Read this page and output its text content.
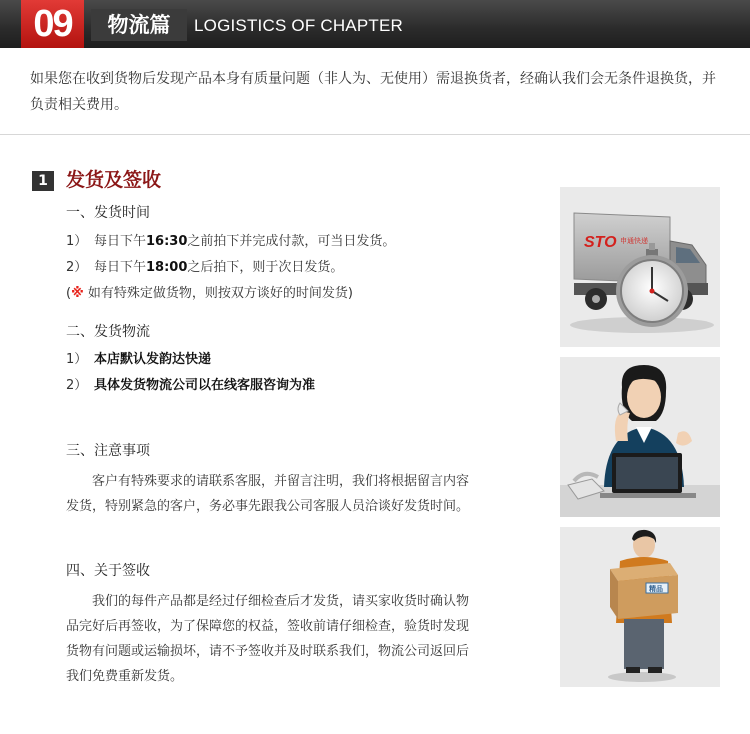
09	物流篇	LOGISTICS OF CHAPTER
如果您在收到货物后发现产品本身有质量问题（非人为、无使用）需退换货者，经确认我们会无条件退换货，并负责相关费用。
1 发货及签收
一、发货时间
1） 每日下午16:30之前拍下并完成付款，可当日发货。
2） 每日下午18:00之后拍下，则于次日发货。
(※ 如有特殊定做货物，则按双方谈好的时间发货)
二、发货物流
1） 本店默认发韵达快递
2） 具体发货物流公司以在线客服咨询为准
三、注意事项
客户有特殊要求的请联系客服，并留言注明，我们将根据留言内容发货，特别紧急的客户，务必事先跟我公司客服人员洽谈好发货时间。
四、关于签收
我们的每件产品都是经过仔细检查后才发货，请买家收货时确认物品完好后再签收，为了保障您的权益，签收前请仔细检查，验货时发现货物有问题或运输损坏，请不予签收并及时联系我们，物流公司返回后我们免费重新发货。
STO 申通快递
精品
